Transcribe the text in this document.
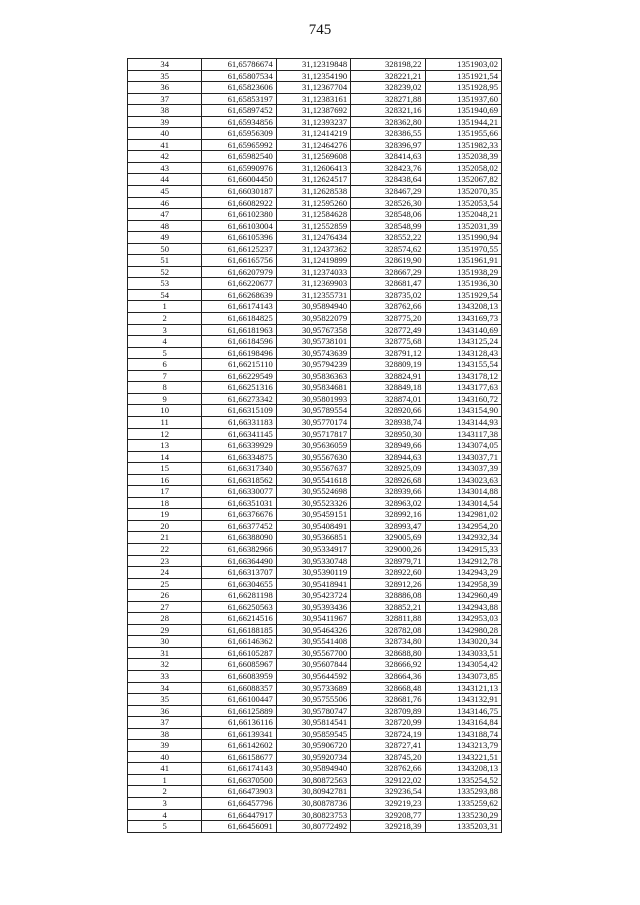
745
34	61,65786674	31,12319848	328198,22	1351903,02
35	61,65807534	31,12354190	328221,21	1351921,54
36	61,65823606	31,12367704	328239,02	1351928,95
37	61,65853197	31,12383161	328271,88	1351937,60
38	61,65897452	31,12387692	328321,16	1351940,69
39	61,65934856	31,12393237	328362,80	1351944,21
40	61,65956309	31,12414219	328386,55	1351955,66
41	61,65965992	31,12464276	328396,97	1351982,33
42	61,65982540	31,12569608	328414,63	1352038,39
43	61,65990976	31,12606413	328423,76	1352058,02
44	61,66004450	31,12624517	328438,64	1352067,82
45	61,66030187	31,12628538	328467,29	1352070,35
46	61,66082922	31,12595260	328526,30	1352053,54
47	61,66102380	31,12584628	328548,06	1352048,21
48	61,66103004	31,12552859	328548,99	1352031,39
49	61,66105396	31,12476434	328552,22	1351990,94
50	61,66125237	31,12437362	328574,62	1351970,55
51	61,66165756	31,12419899	328619,90	1351961,91
52	61,66207979	31,12374033	328667,29	1351938,29
53	61,66220677	31,12369903	328681,47	1351936,30
54	61,66268639	31,12355731	328735,02	1351929,54
1	61,66174143	30,95894940	328762,66	1343208,13
2	61,66184825	30,95822079	328775,20	1343169,73
3	61,66181963	30,95767358	328772,49	1343140,69
4	61,66184596	30,95738101	328775,68	1343125,24
5	61,66198496	30,95743639	328791,12	1343128,43
6	61,66215110	30,95794239	328809,19	1343155,54
7	61,66229549	30,95836363	328824,91	1343178,12
8	61,66251316	30,95834681	328849,18	1343177,63
9	61,66273342	30,95801993	328874,01	1343160,72
10	61,66315109	30,95789554	328920,66	1343154,90
11	61,66331183	30,95770174	328938,74	1343144,93
12	61,66341145	30,95717817	328950,30	1343117,38
13	61,66339929	30,95636059	328949,66	1343074,05
14	61,66334875	30,95567630	328944,63	1343037,71
15	61,66317340	30,95567637	328925,09	1343037,39
16	61,66318562	30,95541618	328926,68	1343023,63
17	61,66330077	30,95524698	328939,66	1343014,88
18	61,66351031	30,95523326	328963,02	1343014,54
19	61,66376676	30,95459151	328992,16	1342981,02
20	61,66377452	30,95408491	328993,47	1342954,20
21	61,66388090	30,95366851	329005,69	1342932,34
22	61,66382966	30,95334917	329000,26	1342915,33
23	61,66364490	30,95330748	328979,71	1342912,78
24	61,66313707	30,95390119	328922,60	1342943,29
25	61,66304655	30,95418941	328912,26	1342958,39
26	61,66281198	30,95423724	328886,08	1342960,49
27	61,66250563	30,95393436	328852,21	1342943,88
28	61,66214516	30,95411967	328811,88	1342953,03
29	61,66188185	30,95464326	328782,08	1342980,28
30	61,66146362	30,95541408	328734,80	1343020,34
31	61,66105287	30,95567700	328688,80	1343033,51
32	61,66085967	30,95607844	328666,92	1343054,42
33	61,66083959	30,95644592	328664,36	1343073,85
34	61,66088357	30,95733689	328668,48	1343121,13
35	61,66100447	30,95755506	328681,76	1343132,91
36	61,66125889	30,95780747	328709,89	1343146,75
37	61,66136116	30,95814541	328720,99	1343164,84
38	61,66139341	30,95859545	328724,19	1343188,74
39	61,66142602	30,95906720	328727,41	1343213,79
40	61,66158677	30,95920734	328745,20	1343221,51
41	61,66174143	30,95894940	328762,66	1343208,13
1	61,66370500	30,80872563	329122,02	1335254,52
2	61,66473903	30,80942781	329236,54	1335293,88
3	61,66457796	30,80878736	329219,23	1335259,62
4	61,66447917	30,80823753	329208,77	1335230,29
5	61,66456091	30,80772492	329218,39	1335203,31
